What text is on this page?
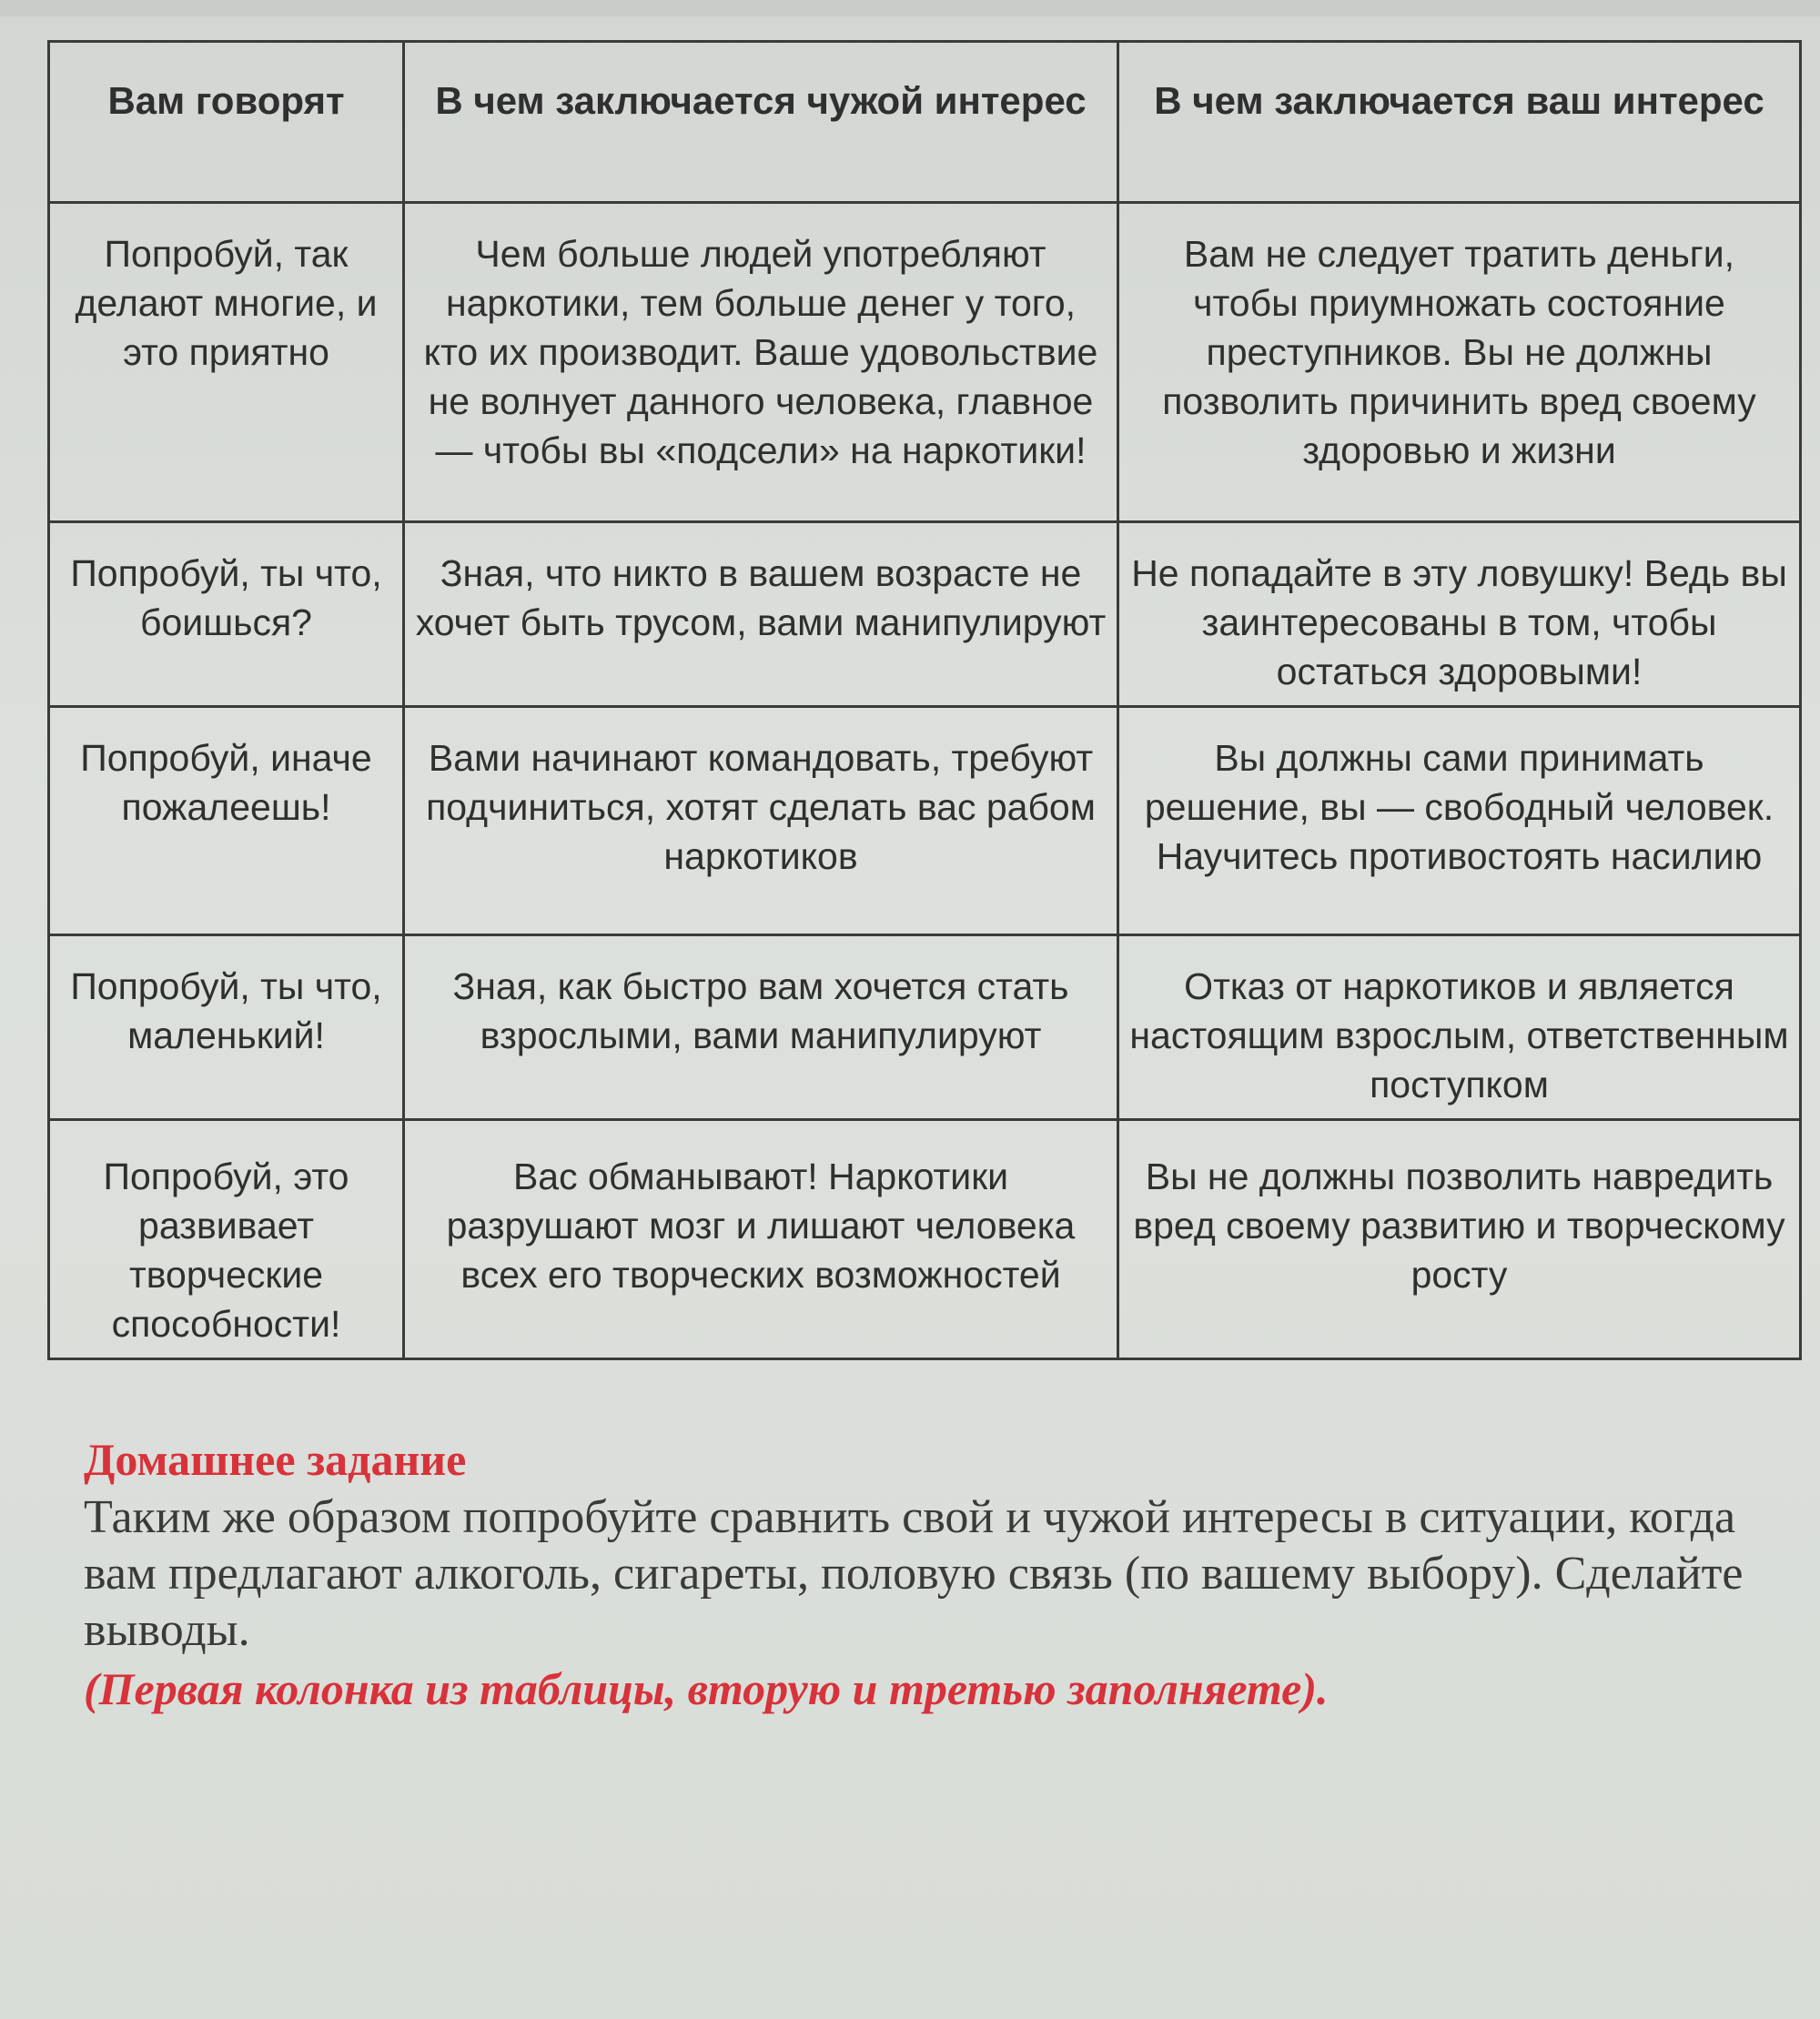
Вам говорят	В чем заключается чужой интерес	В чем заключается ваш интерес
Попробуй, так делают многие, и это приятно	Чем больше людей употребляют наркотики, тем больше денег у того, кто их производит. Ваше удовольствие не волнует данного человека, главное — чтобы вы «подсели» на наркотики!	Вам не следует тратить деньги, чтобы приумножать состояние преступников. Вы не должны позволить причинить вред своему здоровью и жизни
Попробуй, ты что, боишься?	Зная, что никто в вашем возрасте не хочет быть трусом, вами манипулируют	Не попадайте в эту ловушку! Ведь вы заинтересованы в том, чтобы остаться здоровыми!
Попробуй, иначе пожалеешь!	Вами начинают командовать, требуют подчиниться, хотят сделать вас рабом наркотиков	Вы должны сами принимать решение, вы — свободный человек. Научитесь противостоять насилию
Попробуй, ты что, маленький!	Зная, как быстро вам хочется стать взрослыми, вами манипулируют	Отказ от наркотиков и является настоящим взрослым, ответственным поступком
Попробуй, это развивает творческие способности!	Вас обманывают! Наркотики разрушают мозг и лишают человека всех его творческих возможностей	Вы не должны позволить навредить вред своему развитию и творческому росту
Домашнее задание
Таким же образом попробуйте сравнить свой и чужой интересы в ситуации, когда вам предлагают алкоголь, сигареты, половую связь (по вашему выбору). Сделайте выводы.
(Первая колонка из таблицы, вторую и третью заполняете).
